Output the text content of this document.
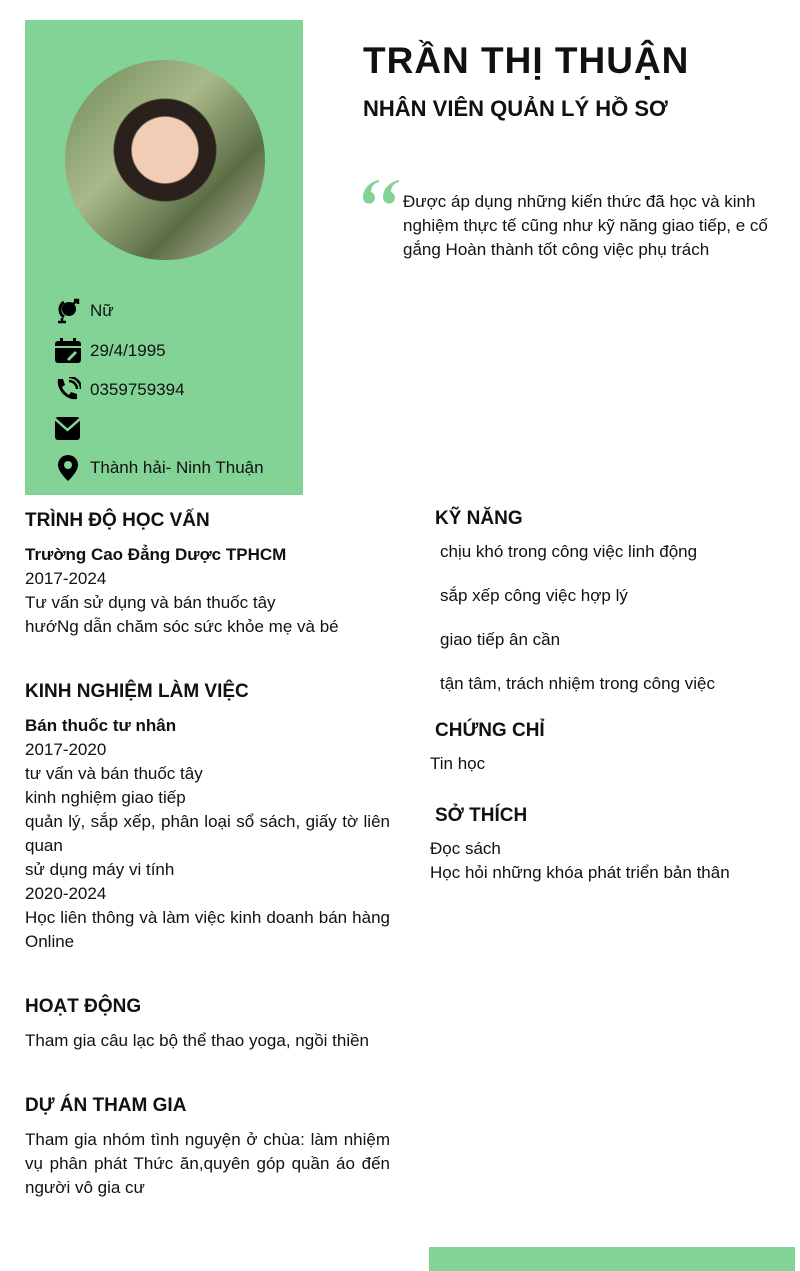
Nữ
29/4/1995
0359759394
Thành hải- Ninh Thuận
TRẦN THỊ THUẬN
NHÂN VIÊN QUẢN LÝ HỒ SƠ
Được áp dụng những kiến thức đã học và kinh nghiệm thực tế cũng như kỹ năng giao tiếp, e cố gắng Hoàn thành tốt công việc phụ trách
TRÌNH ĐỘ HỌC VẤN
Trường Cao Đẳng Dược TPHCM
2017-2024
Tư vấn sử dụng và bán thuốc tây
hướNg dẫn chăm sóc sức khỏe mẹ và bé
KINH NGHIỆM LÀM VIỆC
Bán thuốc tư nhân
2017-2020
tư vấn và bán thuốc tây
kinh nghiệm giao tiếp
quản lý, sắp xếp, phân loại sổ sách, giấy tờ liên quan
sử dụng máy vi tính
2020-2024
Học liên thông và làm việc kinh doanh bán hàng Online
HOẠT ĐỘNG
Tham gia câu lạc bộ thể thao yoga, ngồi thiền
DỰ ÁN THAM GIA
Tham gia nhóm tình nguyện ở chùa: làm nhiệm vụ phân phát Thức ăn,quyên góp quần áo đến người vô gia cư
KỸ NĂNG
chịu khó trong công việc linh động
sắp xếp công việc hợp lý
giao tiếp ân cần
tận tâm, trách nhiệm trong công việc
CHỨNG CHỈ
Tin học
SỞ THÍCH
Đọc sách
Học hỏi những khóa phát triển bản thân
